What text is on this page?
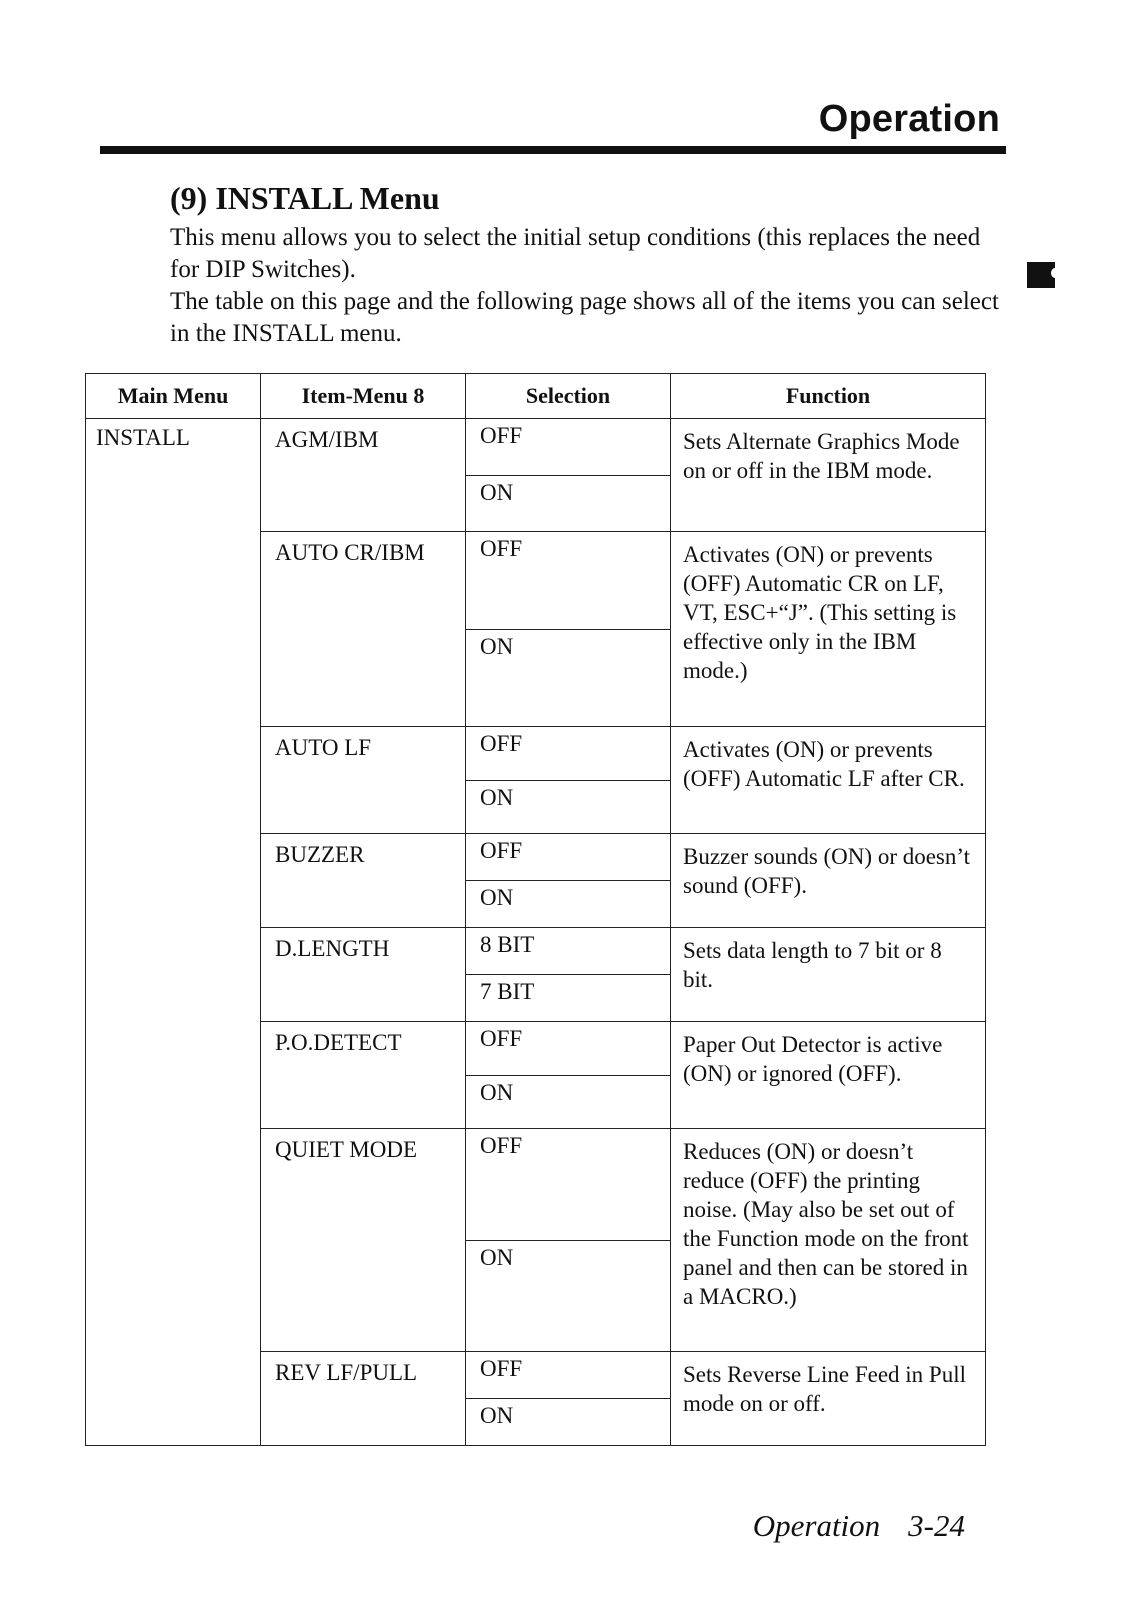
Operation
(9) INSTALL Menu

This menu allows you to select the initial setup conditions (this replaces the need for DIP Switches).

The table on this page and the following page shows all of the items you can select in the INSTALL menu.

Main Menu	Item-Menu 8	Selection	Function
INSTALL	AGM/IBM	OFF	Sets Alternate Graphics Mode on or off in the IBM mode.
		ON	
	AUTO CR/IBM	OFF	Activates (ON) or prevents (OFF) Automatic CR on LF, VT, ESC+“J”. (This setting is effective only in the IBM mode.)
		ON	
	AUTO LF	OFF	Activates (ON) or prevents (OFF) Automatic LF after CR.
		ON	
	BUZZER	OFF	Buzzer sounds (ON) or doesn’t sound (OFF).
		ON	
	D.LENGTH	8 BIT	Sets data length to 7 bit or 8 bit.
		7 BIT	
	P.O.DETECT	OFF	Paper Out Detector is active (ON) or ignored (OFF).
		ON	
	QUIET MODE	OFF	Reduces (ON) or doesn’t reduce (OFF) the printing noise. (May also be set out of the Function mode on the front panel and then can be stored in a MACRO.)
		ON	
	REV LF/PULL	OFF	Sets Reverse Line Feed in Pull mode on or off.
		ON	
Operation 3-24
